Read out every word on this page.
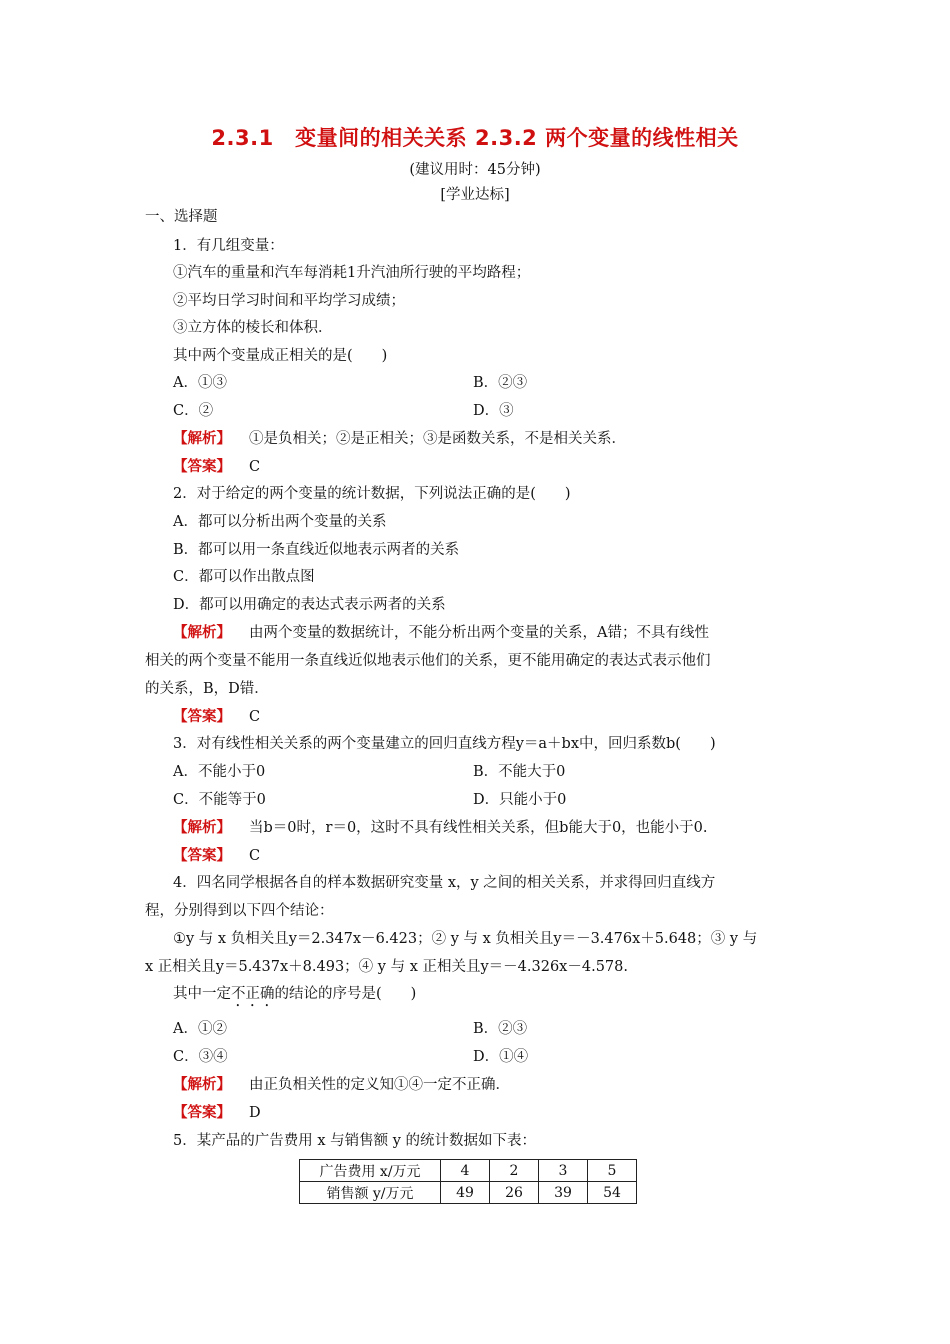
2.3.1　变量间的相关关系 2.3.2 两个变量的线性相关
(建议用时：45分钟)
[学业达标]
一、选择题
1．有几组变量：
①汽车的重量和汽车每消耗1升汽油所行驶的平均路程；
②平均日学习时间和平均学习成绩；
③立方体的棱长和体积．
其中两个变量成正相关的是(　　)
A．①③	B．②③
C．②	D．③
【解析】 ①是负相关；②是正相关；③是函数关系，不是相关关系．
【答案】 C
2．对于给定的两个变量的统计数据，下列说法正确的是(　　)
A．都可以分析出两个变量的关系
B．都可以用一条直线近似地表示两者的关系
C．都可以作出散点图
D．都可以用确定的表达式表示两者的关系
【解析】 由两个变量的数据统计，不能分析出两个变量的关系，A错；不具有线性
相关的两个变量不能用一条直线近似地表示他们的关系，更不能用确定的表达式表示他们
的关系，B，D错．
【答案】 C
3．对有线性相关关系的两个变量建立的回归直线方程y＝a＋bx中，回归系数b(　　)
A．不能小于0	B．不能大于0
C．不能等于0	D．只能小于0
【解析】 当b＝0时，r＝0，这时不具有线性相关关系，但b能大于0，也能小于0.
【答案】 C
4．四名同学根据各自的样本数据研究变量 x，y 之间的相关关系，并求得回归直线方
程，分别得到以下四个结论：
①y 与 x 负相关且y＝2.347x－6.423；② y 与 x 负相关且y＝－3.476x＋5.648；③ y 与
x 正相关且y＝5.437x＋8.493；④ y 与 x 正相关且y＝－4.326x－4.578.
其中一定不正确的结论的序号是(　　)
A．①②	B．②③
C．③④	D．①④
【解析】 由正负相关性的定义知①④一定不正确．
【答案】 D
5．某产品的广告费用 x 与销售额 y 的统计数据如下表：
广告费用 x/万元	4	2	3	5
销售额 y/万元	49	26	39	54
